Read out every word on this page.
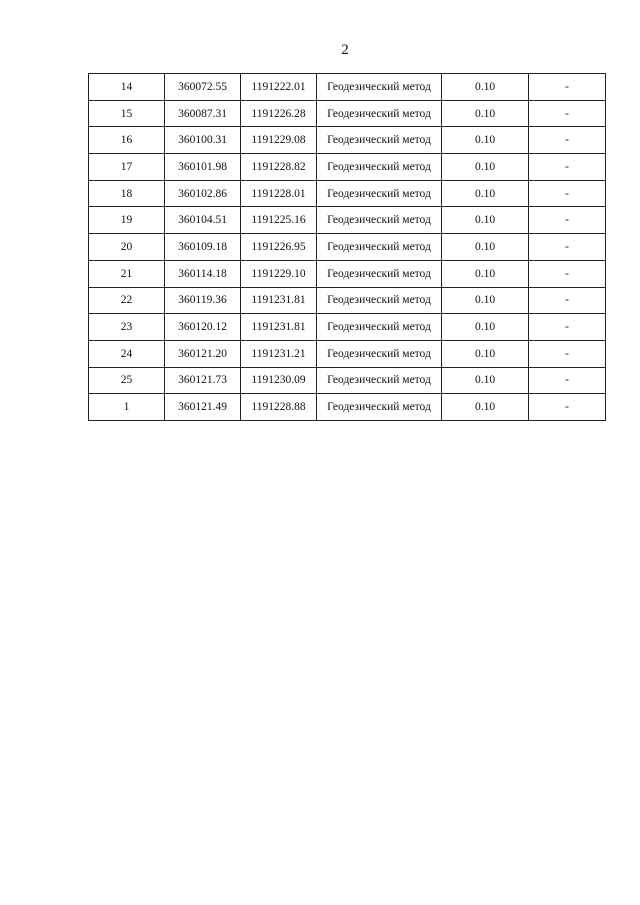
2
14	360072.55	1191222.01	Геодезический метод	0.10	-
15	360087.31	1191226.28	Геодезический метод	0.10	-
16	360100.31	1191229.08	Геодезический метод	0.10	-
17	360101.98	1191228.82	Геодезический метод	0.10	-
18	360102.86	1191228.01	Геодезический метод	0.10	-
19	360104.51	1191225.16	Геодезический метод	0.10	-
20	360109.18	1191226.95	Геодезический метод	0.10	-
21	360114.18	1191229.10	Геодезический метод	0.10	-
22	360119.36	1191231.81	Геодезический метод	0.10	-
23	360120.12	1191231.81	Геодезический метод	0.10	-
24	360121.20	1191231.21	Геодезический метод	0.10	-
25	360121.73	1191230.09	Геодезический метод	0.10	-
1	360121.49	1191228.88	Геодезический метод	0.10	-
